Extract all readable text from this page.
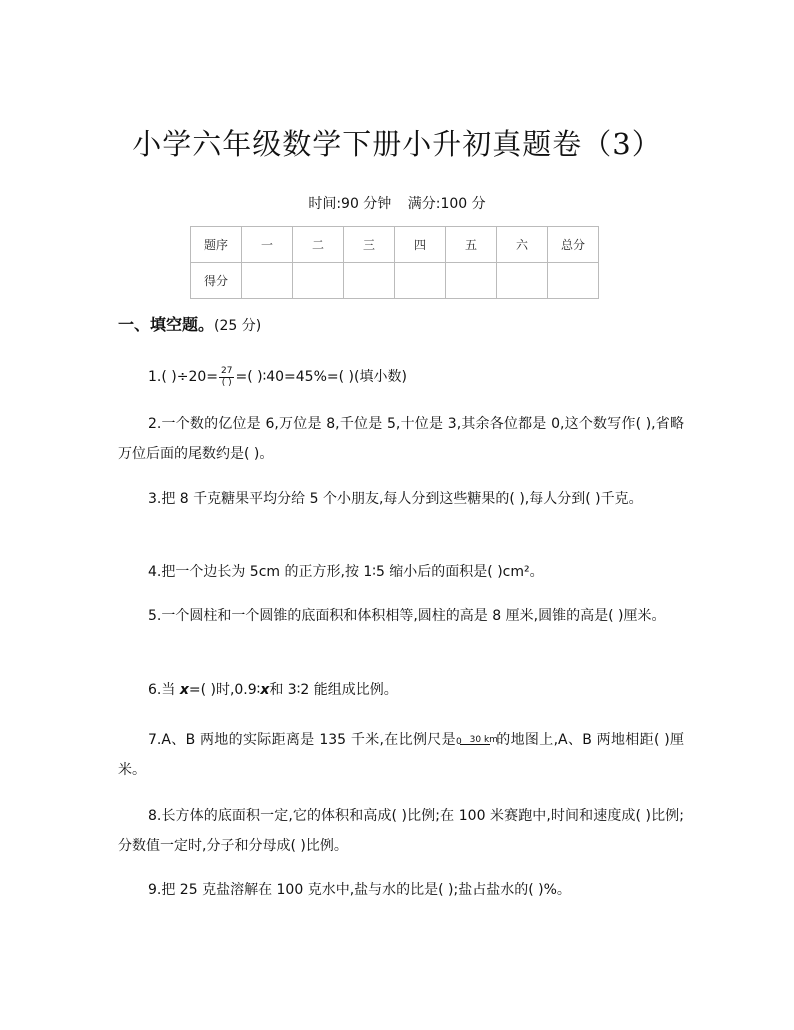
小学六年级数学下册小升初真题卷（3）
时间:90 分钟 满分:100 分
题序	一	二	三	四	五	六	总分
得分							
一、填空题。(25 分)
1.( )$\div 20= \frac{27}{( )}$ =( )∶40=45%=( )(填小数)
2.一个数的亿位是 6,万位是 8,千位是 5,十位是 3,其余各位都是 0,这个数写作( ),省略万位后面的尾数约是( )。
3.把 8 千克糖果平均分给 5 个小朋友,每人分到这些糖果的( ),每人分到( )千克。
4.把一个边长为 5cm 的正方形,按 1∶5 缩小后的面积是( )cm²。
5.一个圆柱和一个圆锥的底面积和体积相等,圆柱的高是 8 厘米,圆锥的高是( )厘米。
6.当 x=( )时,0.9∶x和 3∶2 能组成比例。
7.A、B 两地的实际距离是 135 千米,在比例尺是 0 30 km
的地图上,A、B 两地相距( )厘米。
8.长方体的底面积一定,它的体积和高成( )比例;在 100 米赛跑中,时间和速度成( )比例;分数值一定时,分子和分母成( )比例。
9.把 25 克盐溶解在 100 克水中,盐与水的比是( );盐占盐水的( )%。
